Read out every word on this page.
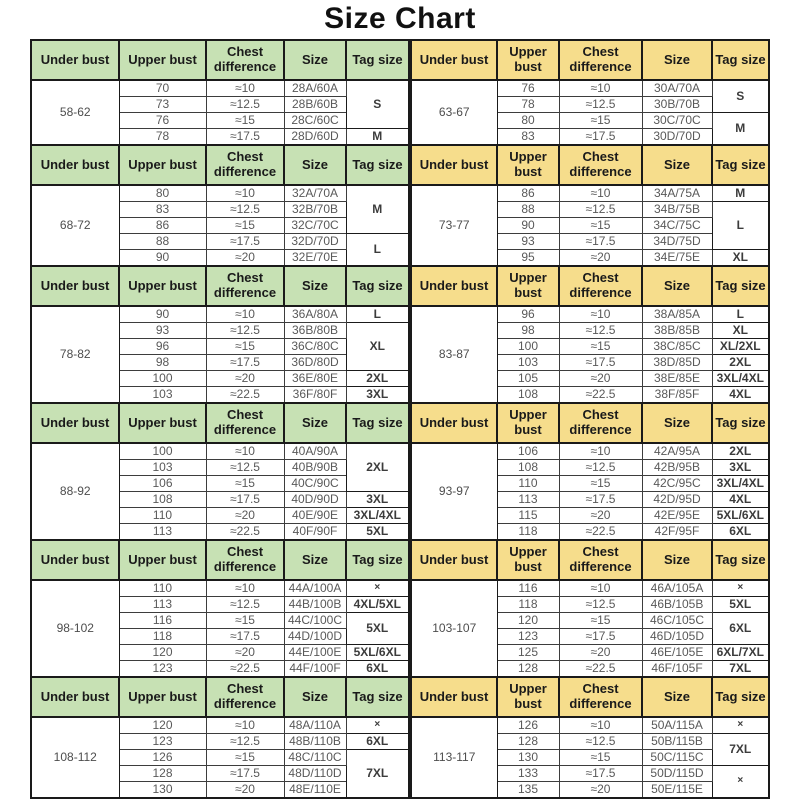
Size Chart
Under bust	Upper bust	Chest difference	Size	Tag size
58-62	70	≈10	28A/60A	S
	73	≈12.5	28B/60B	
	76	≈15	28C/60C	
	78	≈17.5	28D/60D	M
Under bust	Upper bust	Chest difference	Size	Tag size
68-72	80	≈10	32A/70A	M
	83	≈12.5	32B/70B	
	86	≈15	32C/70C	
	88	≈17.5	32D/70D	L
	90	≈20	32E/70E	
Under bust	Upper bust	Chest difference	Size	Tag size
78-82	90	≈10	36A/80A	L
	93	≈12.5	36B/80B	XL
	96	≈15	36C/80C	
	98	≈17.5	36D/80D	
	100	≈20	36E/80E	2XL
	103	≈22.5	36F/80F	3XL
Under bust	Upper bust	Chest difference	Size	Tag size
88-92	100	≈10	40A/90A	2XL
	103	≈12.5	40B/90B	
	106	≈15	40C/90C	
	108	≈17.5	40D/90D	3XL
	110	≈20	40E/90E	3XL/4XL
	113	≈22.5	40F/90F	5XL
Under bust	Upper bust	Chest difference	Size	Tag size
98-102	110	≈10	44A/100A	×
	113	≈12.5	44B/100B	4XL/5XL
	116	≈15	44C/100C	5XL
	118	≈17.5	44D/100D	
	120	≈20	44E/100E	5XL/6XL
	123	≈22.5	44F/100F	6XL
Under bust	Upper bust	Chest difference	Size	Tag size
108-112	120	≈10	48A/110A	×
	123	≈12.5	48B/110B	6XL
	126	≈15	48C/110C	7XL
	128	≈17.5	48D/110D	
	130	≈20	48E/110E	
Under bust	Upper bust	Chest difference	Size	Tag size
63-67	76	≈10	30A/70A	S
	78	≈12.5	30B/70B	
	80	≈15	30C/70C	M
	83	≈17.5	30D/70D	
Under bust	Upper bust	Chest difference	Size	Tag size
73-77	86	≈10	34A/75A	M
	88	≈12.5	34B/75B	L
	90	≈15	34C/75C	
	93	≈17.5	34D/75D	
	95	≈20	34E/75E	XL
Under bust	Upper bust	Chest difference	Size	Tag size
83-87	96	≈10	38A/85A	L
	98	≈12.5	38B/85B	XL
	100	≈15	38C/85C	XL/2XL
	103	≈17.5	38D/85D	2XL
	105	≈20	38E/85E	3XL/4XL
	108	≈22.5	38F/85F	4XL
Under bust	Upper bust	Chest difference	Size	Tag size
93-97	106	≈10	42A/95A	2XL
	108	≈12.5	42B/95B	3XL
	110	≈15	42C/95C	3XL/4XL
	113	≈17.5	42D/95D	4XL
	115	≈20	42E/95E	5XL/6XL
	118	≈22.5	42F/95F	6XL
Under bust	Upper bust	Chest difference	Size	Tag size
103-107	116	≈10	46A/105A	×
	118	≈12.5	46B/105B	5XL
	120	≈15	46C/105C	6XL
	123	≈17.5	46D/105D	
	125	≈20	46E/105E	6XL/7XL
	128	≈22.5	46F/105F	7XL
Under bust	Upper bust	Chest difference	Size	Tag size
113-117	126	≈10	50A/115A	×
	128	≈12.5	50B/115B	7XL
	130	≈15	50C/115C	
	133	≈17.5	50D/115D	×
	135	≈20	50E/115E	
